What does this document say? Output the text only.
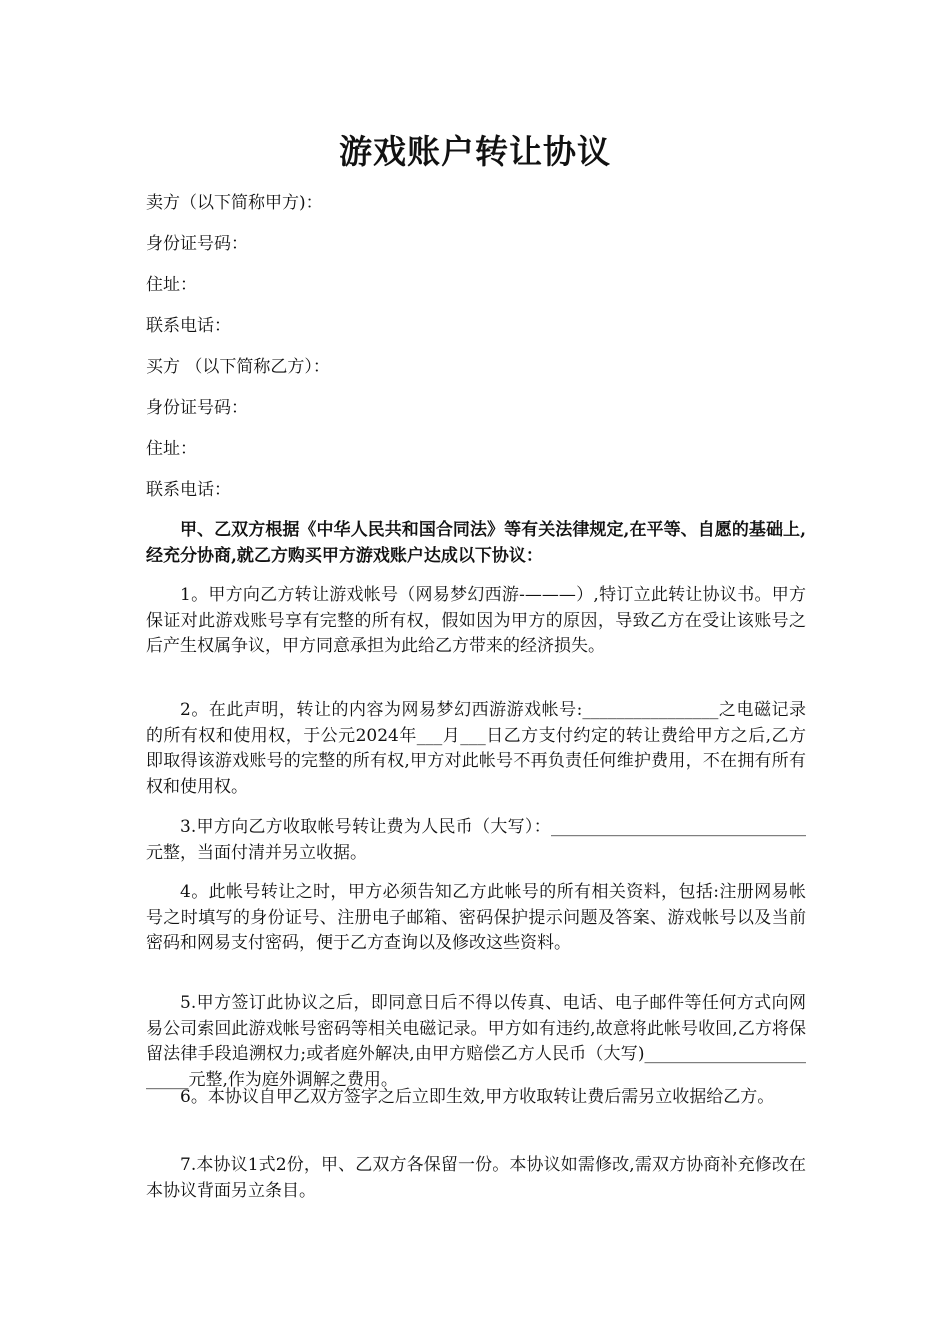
游戏账户转让协议

卖方（以下简称甲方)：

身份证号码：

住址：

联系电话：

买方 （以下简称乙方）：

身份证号码：

住址：

联系电话：

甲、乙双方根据《中华人民共和国合同法》等有关法律规定,在平等、自愿的基础上,经充分协商,就乙方购买甲方游戏账户达成以下协议：

1。甲方向乙方转让游戏帐号（网易梦幻西游-———）,特订立此转让协议书。甲方保证对此游戏账号享有完整的所有权，假如因为甲方的原因，导致乙方在受让该账号之后产生权属争议，甲方同意承担为此给乙方带来的经济损失。

2。在此声明，转让的内容为网易梦幻西游游戏帐号:________________之电磁记录的所有权和使用权，于公元2024年___月___日乙方支付约定的转让费给甲方之后,乙方即取得该游戏账号的完整的所有权,甲方对此帐号不再负责任何维护费用，不在拥有所有权和使用权。

3.甲方向乙方收取帐号转让费为人民币（大写）：______________________________元整，当面付清并另立收据。

4。此帐号转让之时，甲方必须告知乙方此帐号的所有相关资料，包括:注册网易帐号之时填写的身份证号、注册电子邮箱、密码保护提示问题及答案、游戏帐号以及当前密码和网易支付密码，便于乙方查询以及修改这些资料。

5.甲方签订此协议之后，即同意日后不得以传真、电话、电子邮件等任何方式向网易公司索回此游戏帐号密码等相关电磁记录。甲方如有违约,故意将此帐号收回,乙方将保留法律手段追溯权力;或者庭外解决,由甲方赔偿乙方人民币（大写)________________________元整,作为庭外调解之费用。

6。本协议自甲乙双方签字之后立即生效,甲方收取转让费后需另立收据给乙方。

7.本协议1式2份，甲、乙双方各保留一份。本协议如需修改,需双方协商补充修改在本协议背面另立条目。
